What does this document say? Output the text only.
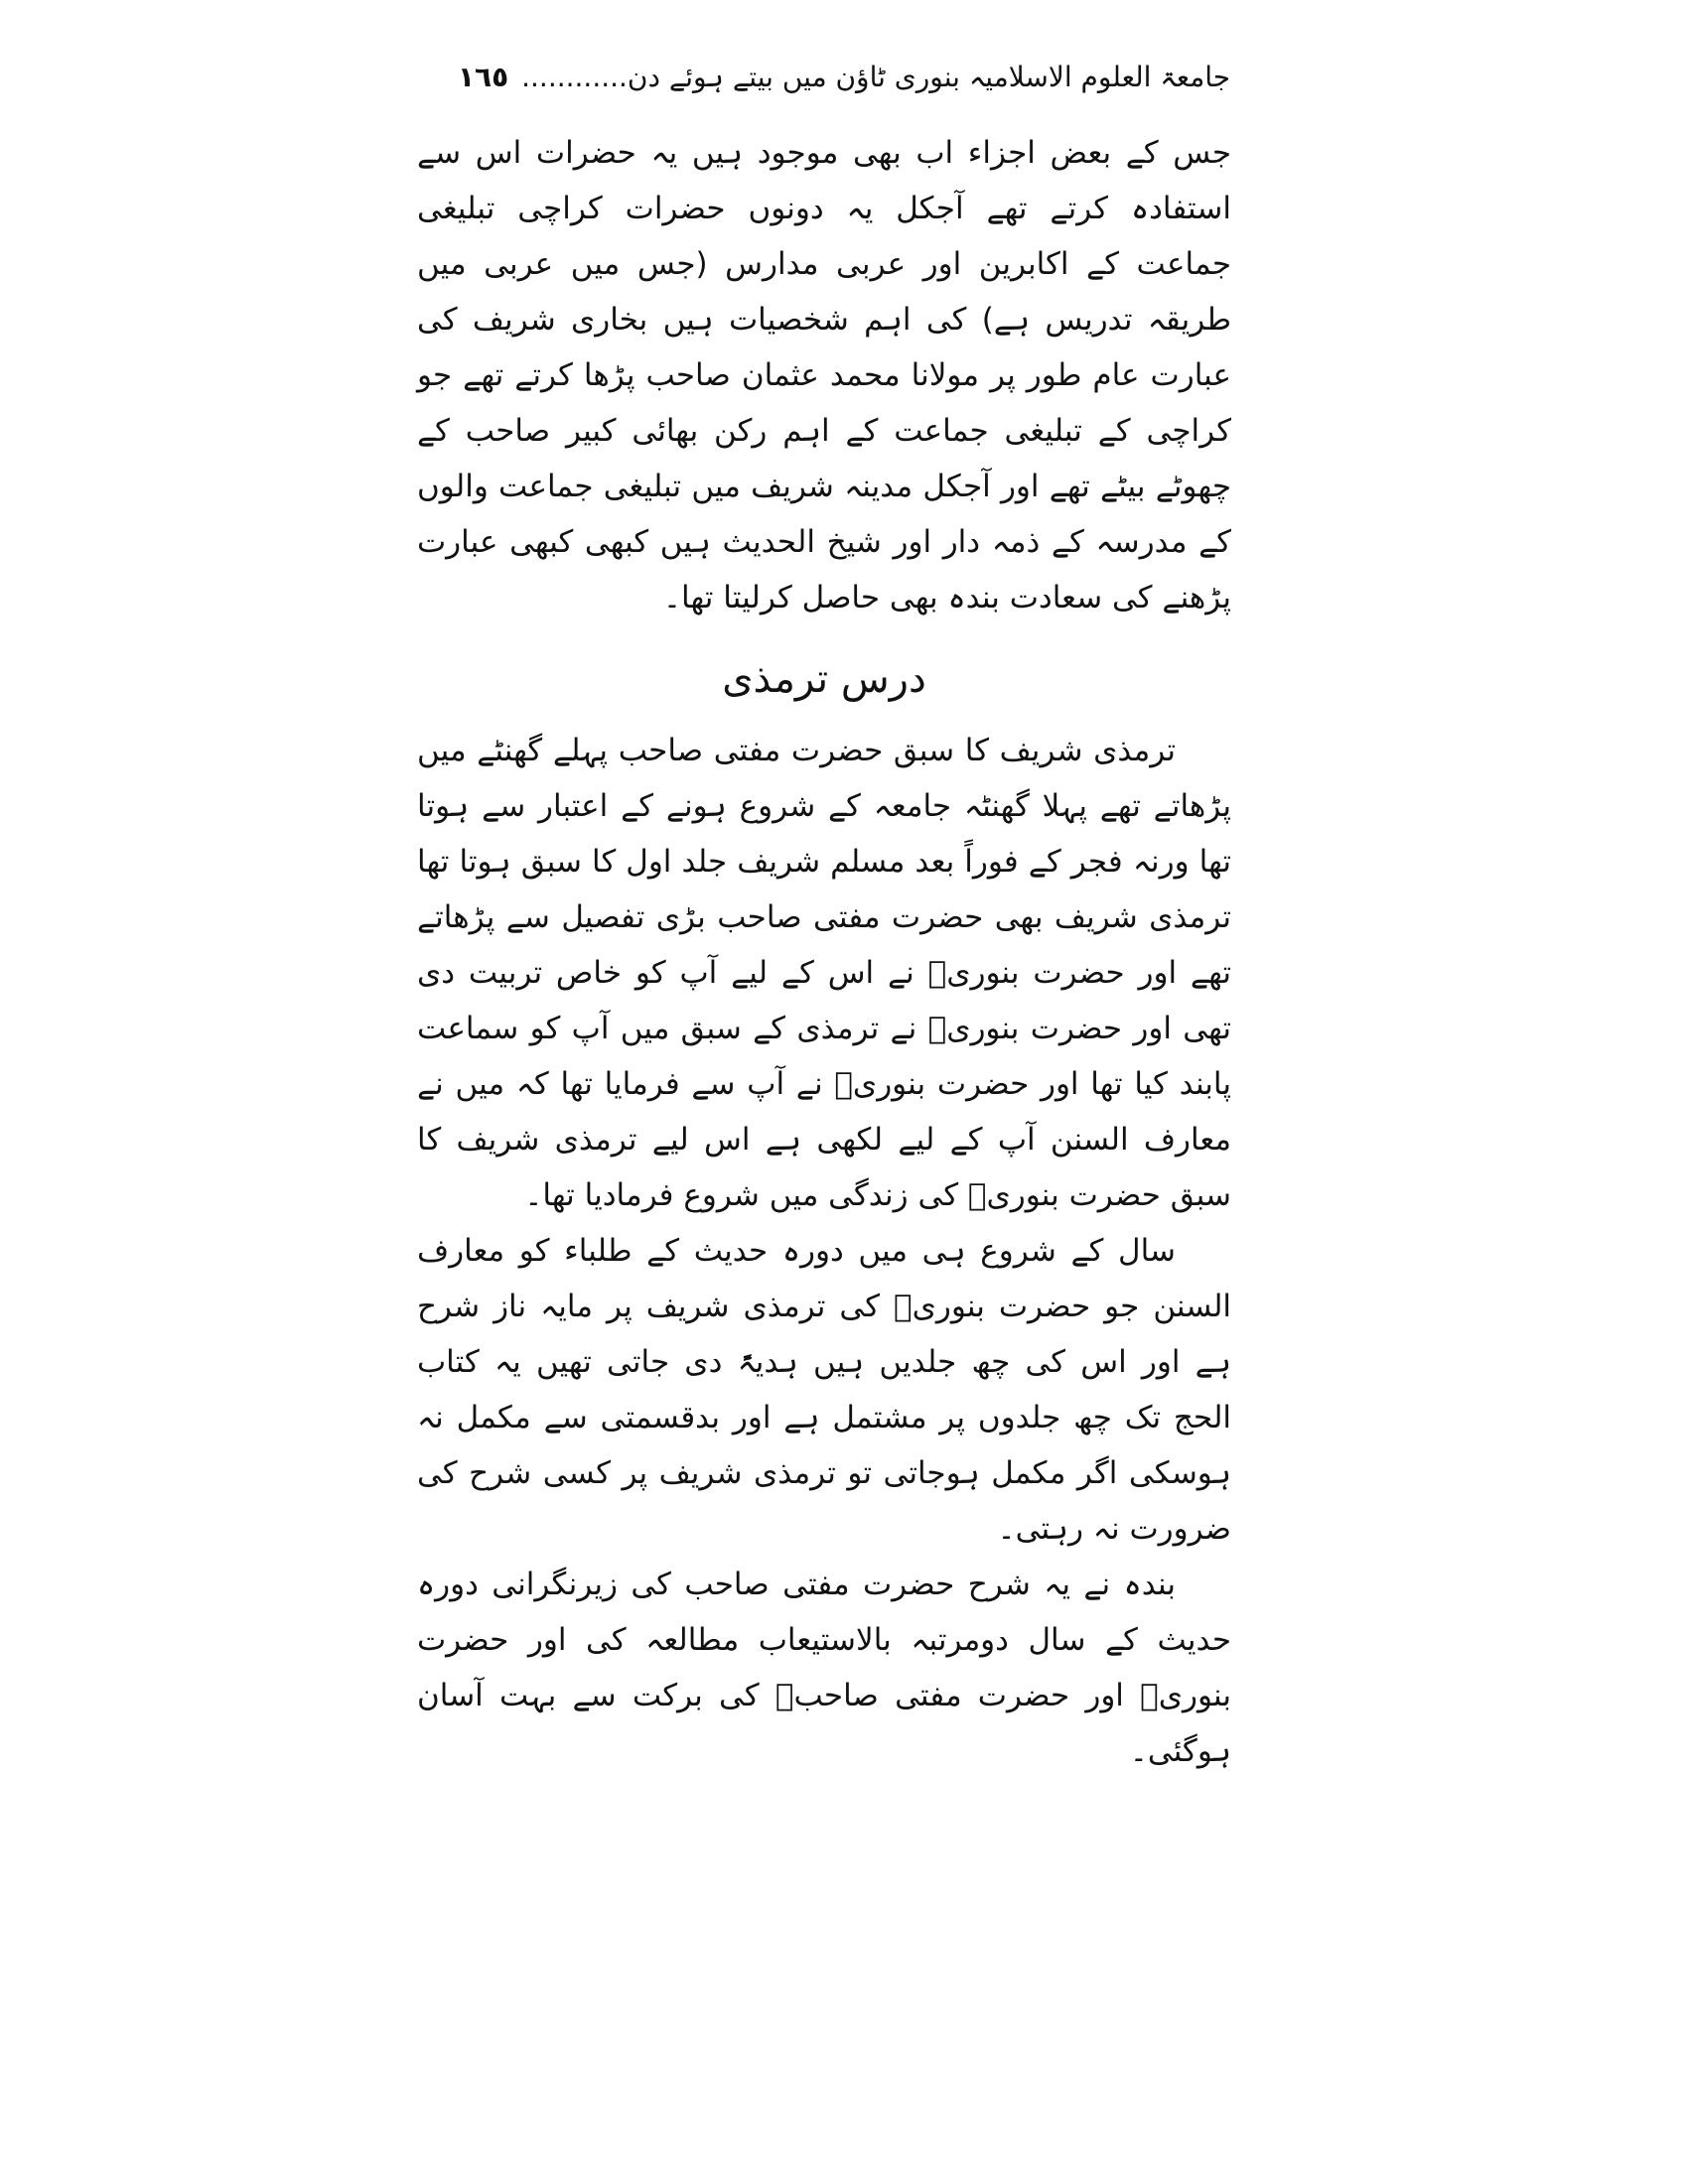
جامعۃ العلوم الاسلامیہ بنوری ٹاؤن میں بیتے ہوئے دن............ ١٦٥

جس کے بعض اجزاء اب بھی موجود ہیں یہ حضرات اس سے استفادہ کرتے تھے آجکل یہ دونوں حضرات کراچی تبلیغی جماعت کے اکابرین اور عربی مدارس (جس میں عربی میں طریقہ تدریس ہے) کی اہم شخصیات ہیں بخاری شریف کی عبارت عام طور پر مولانا محمد عثمان صاحب پڑھا کرتے تھے جو کراچی کے تبلیغی جماعت کے اہم رکن بھائی کبیر صاحب کے چھوٹے بیٹے تھے اور آجکل مدینہ شریف میں تبلیغی جماعت والوں کے مدرسہ کے ذمہ دار اور شیخ الحدیث ہیں کبھی کبھی عبارت پڑھنے کی سعادت بندہ بھی حاصل کرلیتا تھا۔

درس ترمذی

ترمذی شریف کا سبق حضرت مفتی صاحب پہلے گھنٹے میں پڑھاتے تھے پہلا گھنٹہ جامعہ کے شروع ہونے کے اعتبار سے ہوتا تھا ورنہ فجر کے فوراً بعد مسلم شریف جلد اول کا سبق ہوتا تھا ترمذی شریف بھی حضرت مفتی صاحب بڑی تفصیل سے پڑھاتے تھے اور حضرت بنوریؒ نے اس کے لیے آپ کو خاص تربیت دی تھی اور حضرت بنوریؒ نے ترمذی کے سبق میں آپ کو سماعت پابند کیا تھا اور حضرت بنوریؒ نے آپ سے فرمایا تھا کہ میں نے معارف السنن آپ کے لیے لکھی ہے اس لیے ترمذی شریف کا سبق حضرت بنوریؒ کی زندگی میں شروع فرمادیا تھا۔

سال کے شروع ہی میں دورہ حدیث کے طلباء کو معارف السنن جو حضرت بنوریؒ کی ترمذی شریف پر مایہ ناز شرح ہے اور اس کی چھ جلدیں ہیں ہدیۃً دی جاتی تھیں یہ کتاب الحج تک چھ جلدوں پر مشتمل ہے اور بدقسمتی سے مکمل نہ ہوسکی اگر مکمل ہوجاتی تو ترمذی شریف پر کسی شرح کی ضرورت نہ رہتی۔

بندہ نے یہ شرح حضرت مفتی صاحب کی زیرنگرانی دورہ حدیث کے سال دومرتبہ بالاستیعاب مطالعہ کی اور حضرت بنوریؒ اور حضرت مفتی صاحبؒ کی برکت سے بہت آسان ہوگئی۔
